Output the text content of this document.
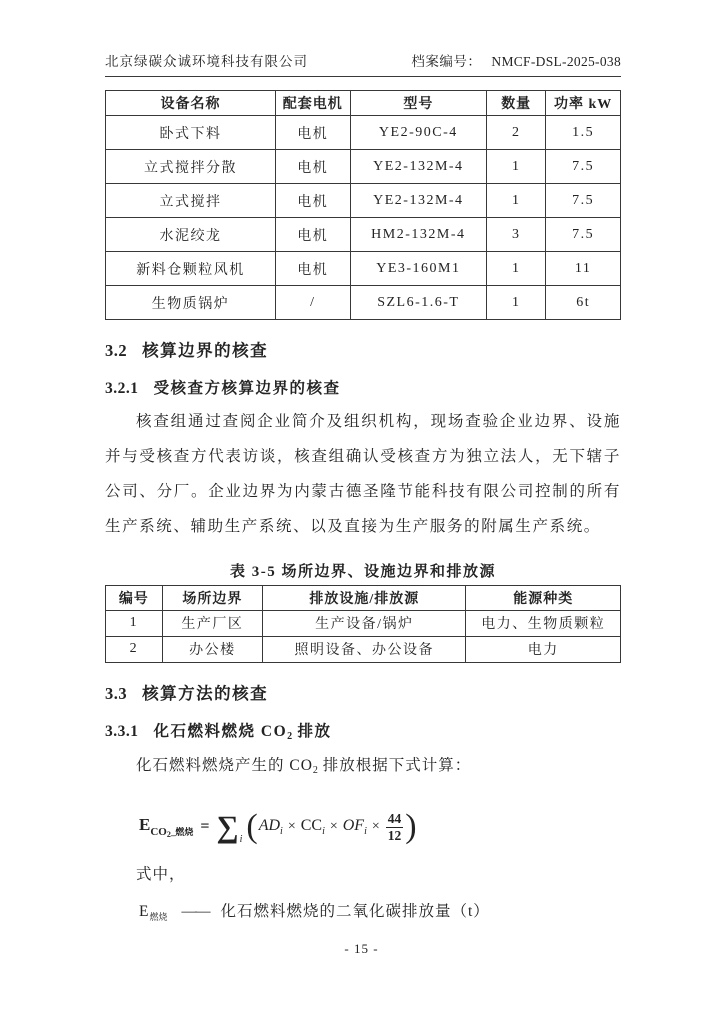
北京绿碳众诚环境科技有限公司	档案编号： NMCF-DSL-2025-038
设备名称	配套电机	型号	数量	功率 kW
卧式下料	电机	YE2-90C-4	2	1.5
立式搅拌分散	电机	YE2-132M-4	1	7.5
立式搅拌	电机	YE2-132M-4	1	7.5
水泥绞龙	电机	HM2-132M-4	3	7.5
新料仓颗粒风机	电机	YE3-160M1	1	11
生物质锅炉	/	SZL6-1.6-T	1	6t
3.2 核算边界的核查
3.2.1 受核查方核算边界的核查

核查组通过查阅企业简介及组织机构，现场查验企业边界、设施并与受核查方代表访谈，核查组确认受核查方为独立法人，无下辖子公司、分厂。企业边界为内蒙古德圣隆节能科技有限公司控制的所有生产系统、辅助生产系统、以及直接为生产服务的附属生产系统。

表 3-5 场所边界、设施边界和排放源
编号	场所边界	排放设施/排放源	能源种类
1	生产厂区	生产设备/锅炉	电力、生物质颗粒
2	办公楼	照明设备、办公设备	电力
3.3 核算方法的核查
3.3.1 化石燃料燃烧 $CO_2$ 排放

化石燃料燃烧产生的 $CO_2$ 排放根据下式计算：

$E_{CO2\_燃烧}$ = ∑ i ( $AD_i \times CC_i \times OF_i \times \frac{44}{12}$ )

式中，

$E_{燃烧}$ —— 化石燃料燃烧的二氧化碳排放量（t）

- 15 -
